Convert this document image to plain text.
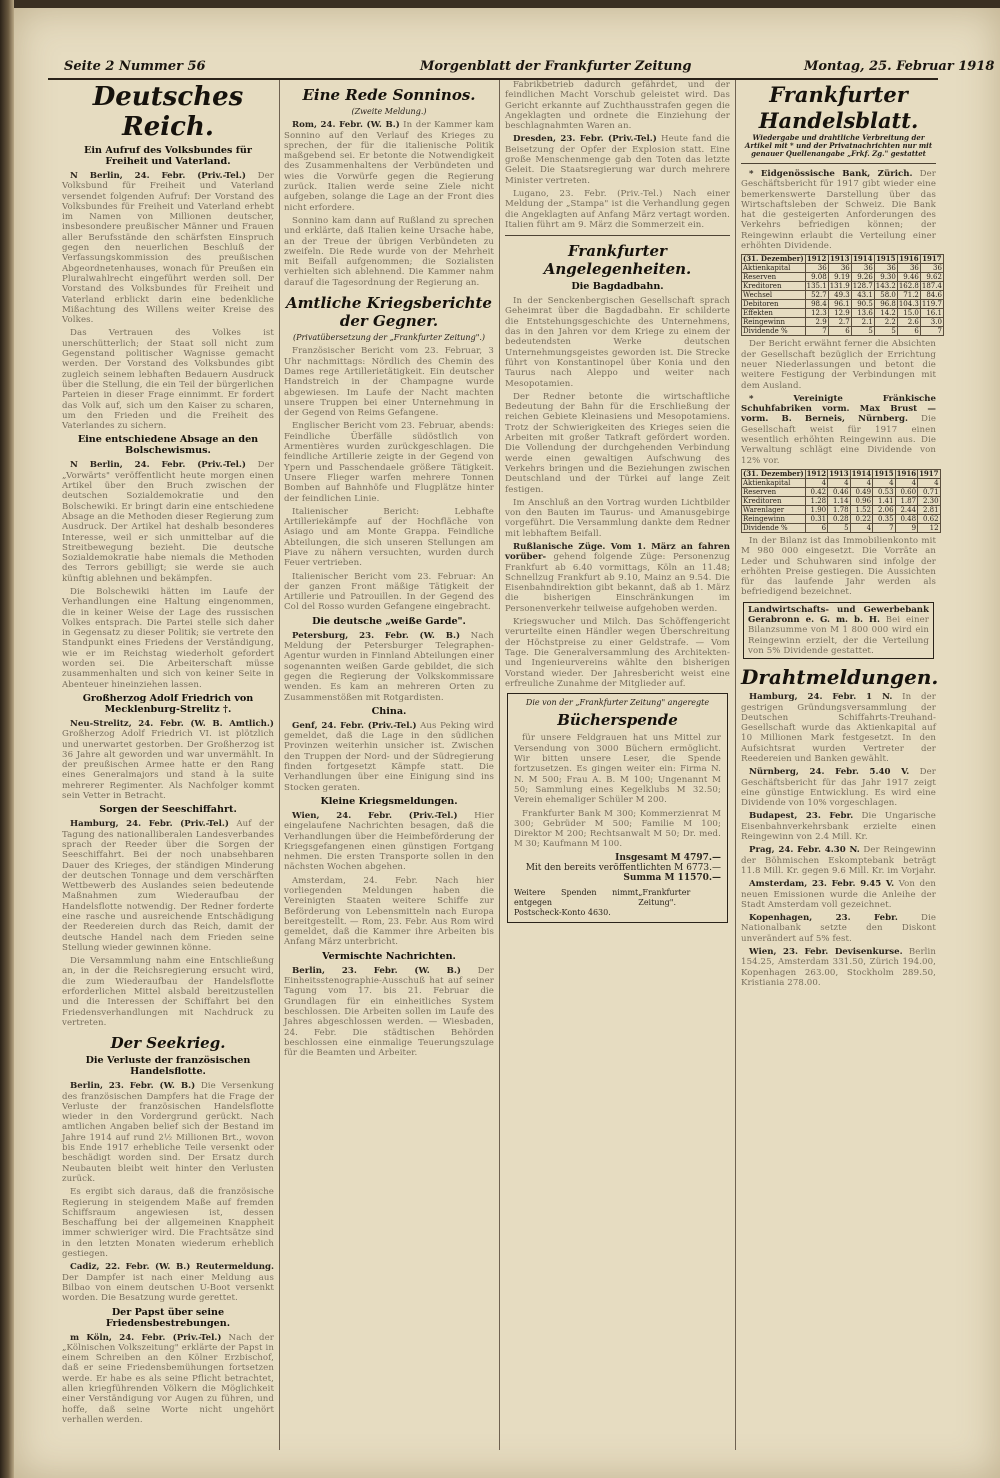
Seite 2 Nummer 56	Morgenblatt der Frankfurter Zeitung	Montag, 25. Februar 1918
Deutsches Reich.
Ein Aufruf des Volksbundes für Freiheit und Vaterland.

N Berlin, 24. Febr. (Priv.-Tel.) Der Volksbund für Freiheit und Vaterland versendet folgenden Aufruf: Der Vorstand des Volksbundes für Freiheit und Vaterland erhebt im Namen von Millionen deutscher, insbesondere preußischer Männer und Frauen aller Berufsstände den schärfsten Einspruch gegen den neuerlichen Beschluß der Verfassungskommission des preußischen Abgeordnetenhauses, wonach für Preußen ein Pluralwahlrecht eingeführt werden soll. Der Vorstand des Volksbundes für Freiheit und Vaterland erblickt darin eine bedenkliche Mißachtung des Willens weiter Kreise des Volkes.

Das Vertrauen des Volkes ist unerschütterlich; der Staat soll nicht zum Gegenstand politischer Wagnisse gemacht werden. Der Vorstand des Volksbundes gibt zugleich seinem lebhaften Bedauern Ausdruck über die Stellung, die ein Teil der bürgerlichen Parteien in dieser Frage einnimmt. Er fordert das Volk auf, sich um den Kaiser zu scharen, um den Frieden und die Freiheit des Vaterlandes zu sichern.

Eine entschiedene Absage an den Bolschewismus.

N Berlin, 24. Febr. (Priv.-Tel.) Der „Vorwärts" veröffentlicht heute morgen einen Artikel über den Bruch zwischen der deutschen Sozialdemokratie und den Bolschewiki. Er bringt darin eine entschiedene Absage an die Methoden dieser Regierung zum Ausdruck. Der Artikel hat deshalb besonderes Interesse, weil er sich unmittelbar auf die Streitbewegung bezieht. Die deutsche Sozialdemokratie habe niemals die Methoden des Terrors gebilligt; sie werde sie auch künftig ablehnen und bekämpfen.

Die Bolschewiki hätten im Laufe der Verhandlungen eine Haltung eingenommen, die in keiner Weise der Lage des russischen Volkes entsprach. Die Partei stelle sich daher in Gegensatz zu dieser Politik; sie vertrete den Standpunkt eines Friedens der Verständigung, wie er im Reichstag wiederholt gefordert worden sei. Die Arbeiterschaft müsse zusammenhalten und sich von keiner Seite in Abenteuer hineinziehen lassen.

Großherzog Adolf Friedrich von Mecklenburg-Strelitz †.

Neu-Strelitz, 24. Febr. (W. B. Amtlich.) Großherzog Adolf Friedrich VI. ist plötzlich und unerwartet gestorben. Der Großherzog ist 36 Jahre alt geworden und war unvermählt. In der preußischen Armee hatte er den Rang eines Generalmajors und stand à la suite mehrerer Regimenter. Als Nachfolger kommt sein Vetter in Betracht.

Sorgen der Seeschiffahrt.

Hamburg, 24. Febr. (Priv.-Tel.) Auf der Tagung des nationalliberalen Landesverbandes sprach der Reeder über die Sorgen der Seeschiffahrt. Bei der noch unabsehbaren Dauer des Krieges, der ständigen Minderung der deutschen Tonnage und dem verschärften Wettbewerb des Auslandes seien bedeutende Maßnahmen zum Wiederaufbau der Handelsflotte notwendig. Der Redner forderte eine rasche und ausreichende Entschädigung der Reedereien durch das Reich, damit der deutsche Handel nach dem Frieden seine Stellung wieder gewinnen könne.

Die Versammlung nahm eine Entschließung an, in der die Reichsregierung ersucht wird, die zum Wiederaufbau der Handelsflotte erforderlichen Mittel alsbald bereitzustellen und die Interessen der Schiffahrt bei den Friedensverhandlungen mit Nachdruck zu vertreten.

Der Seekrieg.
Die Verluste der französischen Handelsflotte.

Berlin, 23. Febr. (W. B.) Die Versenkung des französischen Dampfers hat die Frage der Verluste der französischen Handelsflotte wieder in den Vordergrund gerückt. Nach amtlichen Angaben belief sich der Bestand im Jahre 1914 auf rund 2½ Millionen Brt., wovon bis Ende 1917 erhebliche Teile versenkt oder beschädigt worden sind. Der Ersatz durch Neubauten bleibt weit hinter den Verlusten zurück.

Es ergibt sich daraus, daß die französische Regierung in steigendem Maße auf fremden Schiffsraum angewiesen ist, dessen Beschaffung bei der allgemeinen Knappheit immer schwieriger wird. Die Frachtsätze sind in den letzten Monaten wiederum erheblich gestiegen.

Cadiz, 22. Febr. (W. B.) Reutermeldung. Der Dampfer ist nach einer Meldung aus Bilbao von einem deutschen U-Boot versenkt worden. Die Besatzung wurde gerettet.

Der Papst über seine Friedensbestrebungen.

m Köln, 24. Febr. (Priv.-Tel.) Nach der „Kölnischen Volkszeitung" erklärte der Papst in einem Schreiben an den Kölner Erzbischof, daß er seine Friedensbemühungen fortsetzen werde. Er habe es als seine Pflicht betrachtet, allen kriegführenden Völkern die Möglichkeit einer Verständigung vor Augen zu führen, und hoffe, daß seine Worte nicht ungehört verhallen werden.

Eine Rede Sonninos.
(Zweite Meldung.)

Rom, 24. Febr. (W. B.) In der Kammer kam Sonnino auf den Verlauf des Krieges zu sprechen, der für die italienische Politik maßgebend sei. Er betonte die Notwendigkeit des Zusammenhaltens der Verbündeten und wies die Vorwürfe gegen die Regierung zurück. Italien werde seine Ziele nicht aufgeben, solange die Lage an der Front dies nicht erfordere.

Sonnino kam dann auf Rußland zu sprechen und erklärte, daß Italien keine Ursache habe, an der Treue der übrigen Verbündeten zu zweifeln. Die Rede wurde von der Mehrheit mit Beifall aufgenommen; die Sozialisten verhielten sich ablehnend. Die Kammer nahm darauf die Tagesordnung der Regierung an.

Amtliche Kriegsberichte der Gegner.
(Privatübersetzung der „Frankfurter Zeitung".)

Französischer Bericht vom 23. Februar, 3 Uhr nachmittags: Nördlich des Chemin des Dames rege Artillerietätigkeit. Ein deutscher Handstreich in der Champagne wurde abgewiesen. Im Laufe der Nacht machten unsere Truppen bei einer Unternehmung in der Gegend von Reims Gefangene.

Englischer Bericht vom 23. Februar, abends: Feindliche Überfälle südöstlich von Armentières wurden zurückgeschlagen. Die feindliche Artillerie zeigte in der Gegend von Ypern und Passchendaele größere Tätigkeit. Unsere Flieger warfen mehrere Tonnen Bomben auf Bahnhöfe und Flugplätze hinter der feindlichen Linie.

Italienischer Bericht: Lebhafte Artilleriekämpfe auf der Hochfläche von Asiago und am Monte Grappa. Feindliche Abteilungen, die sich unseren Stellungen am Piave zu nähern versuchten, wurden durch Feuer vertrieben.

Italienischer Bericht vom 23. Februar: An der ganzen Front mäßige Tätigkeit der Artillerie und Patrouillen. In der Gegend des Col del Rosso wurden Gefangene eingebracht.

Die deutsche „weiße Garde".

Petersburg, 23. Febr. (W. B.) Nach Meldung der Petersburger Telegraphen-Agentur wurden in Finnland Abteilungen einer sogenannten weißen Garde gebildet, die sich gegen die Regierung der Volkskommissare wenden. Es kam an mehreren Orten zu Zusammenstößen mit Rotgardisten.

China.

Genf, 24. Febr. (Priv.-Tel.) Aus Peking wird gemeldet, daß die Lage in den südlichen Provinzen weiterhin unsicher ist. Zwischen den Truppen der Nord- und der Südregierung finden fortgesetzt Kämpfe statt. Die Verhandlungen über eine Einigung sind ins Stocken geraten.

Kleine Kriegsmeldungen.

Wien, 24. Febr. (Priv.-Tel.) Hier eingelaufene Nachrichten besagen, daß die Verhandlungen über die Heimbeförderung der Kriegsgefangenen einen günstigen Fortgang nehmen. Die ersten Transporte sollen in den nächsten Wochen abgehen.

Amsterdam, 24. Febr. Nach hier vorliegenden Meldungen haben die Vereinigten Staaten weitere Schiffe zur Beförderung von Lebensmitteln nach Europa bereitgestellt. — Rom, 23. Febr. Aus Rom wird gemeldet, daß die Kammer ihre Arbeiten bis Anfang März unterbricht.

Vermischte Nachrichten.

Berlin, 23. Febr. (W. B.) Der Einheitsstenographie-Ausschuß hat auf seiner Tagung vom 17. bis 21. Februar die Grundlagen für ein einheitliches System beschlossen. Die Arbeiten sollen im Laufe des Jahres abgeschlossen werden. — Wiesbaden, 24. Febr. Die städtischen Behörden beschlossen eine einmalige Teuerungszulage für die Beamten und Arbeiter.

Fabrikbetrieb dadurch gefährdet, und der feindlichen Macht Vorschub geleistet wird. Das Gericht erkannte auf Zuchthausstrafen gegen die Angeklagten und ordnete die Einziehung der beschlagnahmten Waren an.

Dresden, 23. Febr. (Priv.-Tel.) Heute fand die Beisetzung der Opfer der Explosion statt. Eine große Menschenmenge gab den Toten das letzte Geleit. Die Staatsregierung war durch mehrere Minister vertreten.

Lugano, 23. Febr. (Priv.-Tel.) Nach einer Meldung der „Stampa" ist die Verhandlung gegen die Angeklagten auf Anfang März vertagt worden. Italien führt am 9. März die Sommerzeit ein.

Frankfurter Angelegenheiten.
Die Bagdadbahn.

In der Senckenbergischen Gesellschaft sprach Geheimrat über die Bagdadbahn. Er schilderte die Entstehungsgeschichte des Unternehmens, das in den Jahren vor dem Kriege zu einem der bedeutendsten Werke deutschen Unternehmungsgeistes geworden ist. Die Strecke führt von Konstantinopel über Konia und den Taurus nach Aleppo und weiter nach Mesopotamien.

Der Redner betonte die wirtschaftliche Bedeutung der Bahn für die Erschließung der reichen Gebiete Kleinasiens und Mesopotamiens. Trotz der Schwierigkeiten des Krieges seien die Arbeiten mit großer Tatkraft gefördert worden. Die Vollendung der durchgehenden Verbindung werde einen gewaltigen Aufschwung des Verkehrs bringen und die Beziehungen zwischen Deutschland und der Türkei auf lange Zeit festigen.

Im Anschluß an den Vortrag wurden Lichtbilder von den Bauten im Taurus- und Amanusgebirge vorgeführt. Die Versammlung dankte dem Redner mit lebhaftem Beifall.

Rußlanische Züge. Vom 1. März an fahren vorüber- gehend folgende Züge: Personenzug Frankfurt ab 6.40 vormittags, Köln an 11.48; Schnellzug Frankfurt ab 9.10, Mainz an 9.54. Die Eisenbahndirektion gibt bekannt, daß ab 1. März die bisherigen Einschränkungen im Personenverkehr teilweise aufgehoben werden.

Kriegswucher und Milch. Das Schöffengericht verurteilte einen Händler wegen Überschreitung der Höchstpreise zu einer Geldstrafe. — Vom Tage. Die Generalversammlung des Architekten- und Ingenieurvereins wählte den bisherigen Vorstand wieder. Der Jahresbericht weist eine erfreuliche Zunahme der Mitglieder auf.

Die von der „Frankfurter Zeitung" angeregte
Bücherspende

für unsere Feldgrauen hat uns Mittel zur Versendung von 3000 Büchern ermöglicht. Wir bitten unsere Leser, die Spende fortzusetzen. Es gingen weiter ein: Firma N. N. M 500; Frau A. B. M 100; Ungenannt M 50; Sammlung eines Kegelklubs M 32.50; Verein ehemaliger Schüler M 200.

Frankfurter Bank M 300; Kommerzienrat M 300; Gebrüder M 500; Familie M 100; Direktor M 200; Rechtsanwalt M 50; Dr. med. M 30; Kaufmann M 100.

Insgesamt M 4797.—
Mit den bereits veröffentlichten M 6773.—
Summa M 11570.—
Weitere Spenden nimmt entgegen
„Frankfurter Zeitung".
Postscheck-Konto 4630.
Frankfurter Handelsblatt.
Wiedergabe und drahtliche Verbreitung der Artikel mit * und der Privatnachrichten nur mit genauer Quellenangabe „Frkf. Zg." gestattet

* Eidgenössische Bank, Zürich. Der Geschäftsbericht für 1917 gibt wieder eine bemerkenswerte Darstellung über das Wirtschaftsleben der Schweiz. Die Bank hat die gesteigerten Anforderungen des Verkehrs befriedigen können; der Reingewinn erlaubt die Verteilung einer erhöhten Dividende.

(31. Dezember)	1912	1913	1914	1915	1916	1917
Aktienkapital	36	36	36	36	36	36
Reserven	9.08	9.19	9.26	9.30	9.46	9.62
Kreditoren	135.1	131.9	128.7	143.2	162.8	187.4
Wechsel	52.7	49.3	43.1	58.0	71.2	84.6
Debitoren	98.4	96.1	90.5	96.8	104.3	119.7
Effekten	12.3	12.9	13.6	14.2	15.0	16.1
Reingewinn	2.9	2.7	2.1	2.2	2.6	3.0
Dividende %	7	6	5	5	6	7

Der Bericht erwähnt ferner die Absichten der Gesellschaft bezüglich der Errichtung neuer Niederlassungen und betont die weitere Festigung der Verbindungen mit dem Ausland.

* Vereinigte Fränkische Schuhfabriken vorm. Max Brust — vorm. B. Berneis, Nürnberg. Die Gesellschaft weist für 1917 einen wesentlich erhöhten Reingewinn aus. Die Verwaltung schlägt eine Dividende von 12% vor.

(31. Dezember)	1912	1913	1914	1915	1916	1917
Aktienkapital	4	4	4	4	4	4
Reserven	0.42	0.46	0.49	0.53	0.60	0.71
Kreditoren	1.28	1.14	0.96	1.41	1.87	2.30
Warenlager	1.90	1.78	1.52	2.06	2.44	2.81
Reingewinn	0.31	0.28	0.22	0.35	0.48	0.62
Dividende %	6	5	4	7	9	12

In der Bilanz ist das Immobilienkonto mit M 980 000 eingesetzt. Die Vorräte an Leder und Schuhwaren sind infolge der erhöhten Preise gestiegen. Die Aussichten für das laufende Jahr werden als befriedigend bezeichnet.

Landwirtschafts- und Gewerbebank Gerabronn e. G. m. b. H. Bei einer Bilanzsumme von M 1 800 000 wird ein Reingewinn erzielt, der die Verteilung von 5% Dividende gestattet.
Drahtmeldungen.

Hamburg, 24. Febr. 1 N. In der gestrigen Gründungsversammlung der Deutschen Schiffahrts-Treuhand-Gesellschaft wurde das Aktienkapital auf 10 Millionen Mark festgesetzt. In den Aufsichtsrat wurden Vertreter der Reedereien und Banken gewählt.

Nürnberg, 24. Febr. 5.40 V. Der Geschäftsbericht für das Jahr 1917 zeigt eine günstige Entwicklung. Es wird eine Dividende von 10% vorgeschlagen.

Budapest, 23. Febr. Die Ungarische Eisenbahnverkehrsbank erzielte einen Reingewinn von 2.4 Mill. Kr.

Prag, 24. Febr. 4.30 N. Der Reingewinn der Böhmischen Eskomptebank beträgt 11.8 Mill. Kr. gegen 9.6 Mill. Kr. im Vorjahr.

Amsterdam, 23. Febr. 9.45 V. Von den neuen Emissionen wurde die Anleihe der Stadt Amsterdam voll gezeichnet.

Kopenhagen, 23. Febr.	Die Nationalbank setzte den Diskont unverändert auf 5% fest.

Wien, 23. Febr. Devisenkurse. Berlin 154.25, Amsterdam 331.50, Zürich 194.00, Kopenhagen 263.00, Stockholm 289.50, Kristiania 278.00.
